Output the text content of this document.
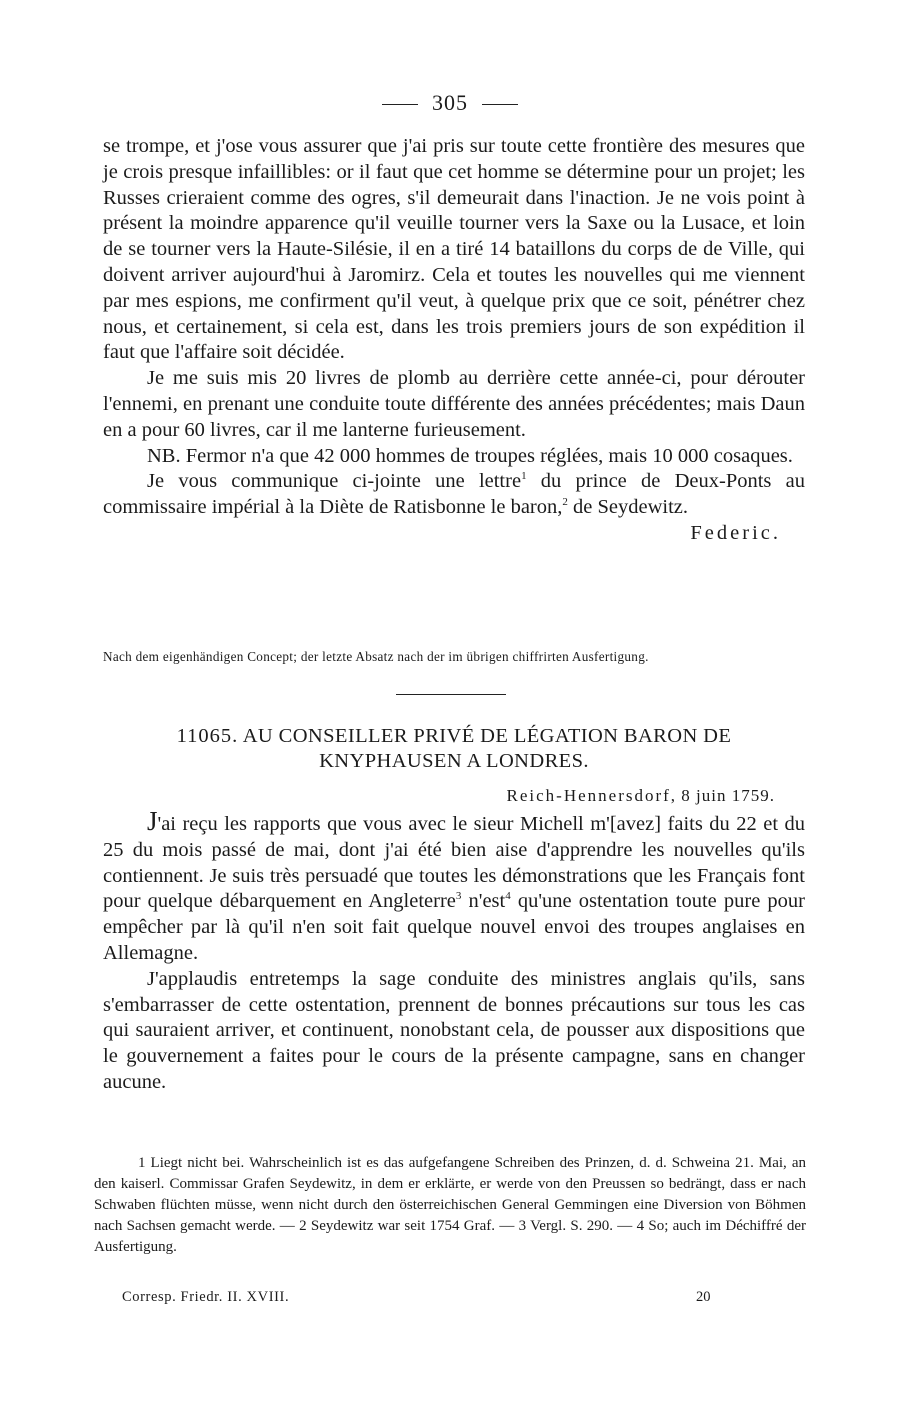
305

se trompe, et j'ose vous assurer que j'ai pris sur toute cette frontière des mesures que je crois presque infaillibles: or il faut que cet homme se détermine pour un projet; les Russes crieraient comme des ogres, s'il demeurait dans l'inaction. Je ne vois point à présent la moindre apparence qu'il veuille tourner vers la Saxe ou la Lusace, et loin de se tourner vers la Haute-Silésie, il en a tiré 14 bataillons du corps de de Ville, qui doivent arriver aujourd'hui à Jaromirz. Cela et toutes les nouvelles qui me viennent par mes espions, me confirment qu'il veut, à quelque prix que ce soit, pénétrer chez nous, et certainement, si cela est, dans les trois premiers jours de son expédition il faut que l'affaire soit décidée.

Je me suis mis 20 livres de plomb au derrière cette année-ci, pour dérouter l'ennemi, en prenant une conduite toute différente des années précédentes; mais Daun en a pour 60 livres, car il me lanterne furieusement.

NB. Fermor n'a que 42 000 hommes de troupes réglées, mais 10 000 cosaques.

Je vous communique ci-jointe une lettre$^1$ du prince de Deux-Ponts au commissaire impérial à la Diète de Ratisbonne le baron,$^2$ de Seydewitz.

Federic.

Nach dem eigenhändigen Concept; der letzte Absatz nach der im übrigen chiffrirten Ausfertigung.
11065. AU CONSEILLER PRIVÉ DE LÉGATION BARON DE KNYPHAUSEN A LONDRES.
Reich-Hennersdorf, 8 juin 1759.

J'ai reçu les rapports que vous avec le sieur Michell m'[avez] faits du 22 et du 25 du mois passé de mai, dont j'ai été bien aise d'apprendre les nouvelles qu'ils contiennent. Je suis très persuadé que toutes les démonstrations que les Français font pour quelque débarquement en Angleterre$^3$ n'est$^4$ qu'une ostentation toute pure pour empêcher par là qu'il n'en soit fait quelque nouvel envoi des troupes anglaises en Allemagne.

J'applaudis entretemps la sage conduite des ministres anglais qu'ils, sans s'embarrasser de cette ostentation, prennent de bonnes précautions sur tous les cas qui sauraient arriver, et continuent, nonobstant cela, de pousser aux dispositions que le gouvernement a faites pour le cours de la présente campagne, sans en changer aucune.

1 Liegt nicht bei. Wahrscheinlich ist es das aufgefangene Schreiben des Prinzen, d. d. Schweina 21. Mai, an den kaiserl. Commissar Grafen Seydewitz, in dem er erklärte, er werde von den Preussen so bedrängt, dass er nach Schwaben flüchten müsse, wenn nicht durch den österreichischen General Gemmingen eine Diversion von Böhmen nach Sachsen gemacht werde. — 2 Seydewitz war seit 1754 Graf. — 3 Vergl. S. 290. — 4 So; auch im Déchiffré der Ausfertigung.

Corresp. Friedr. II. XVIII.	20
